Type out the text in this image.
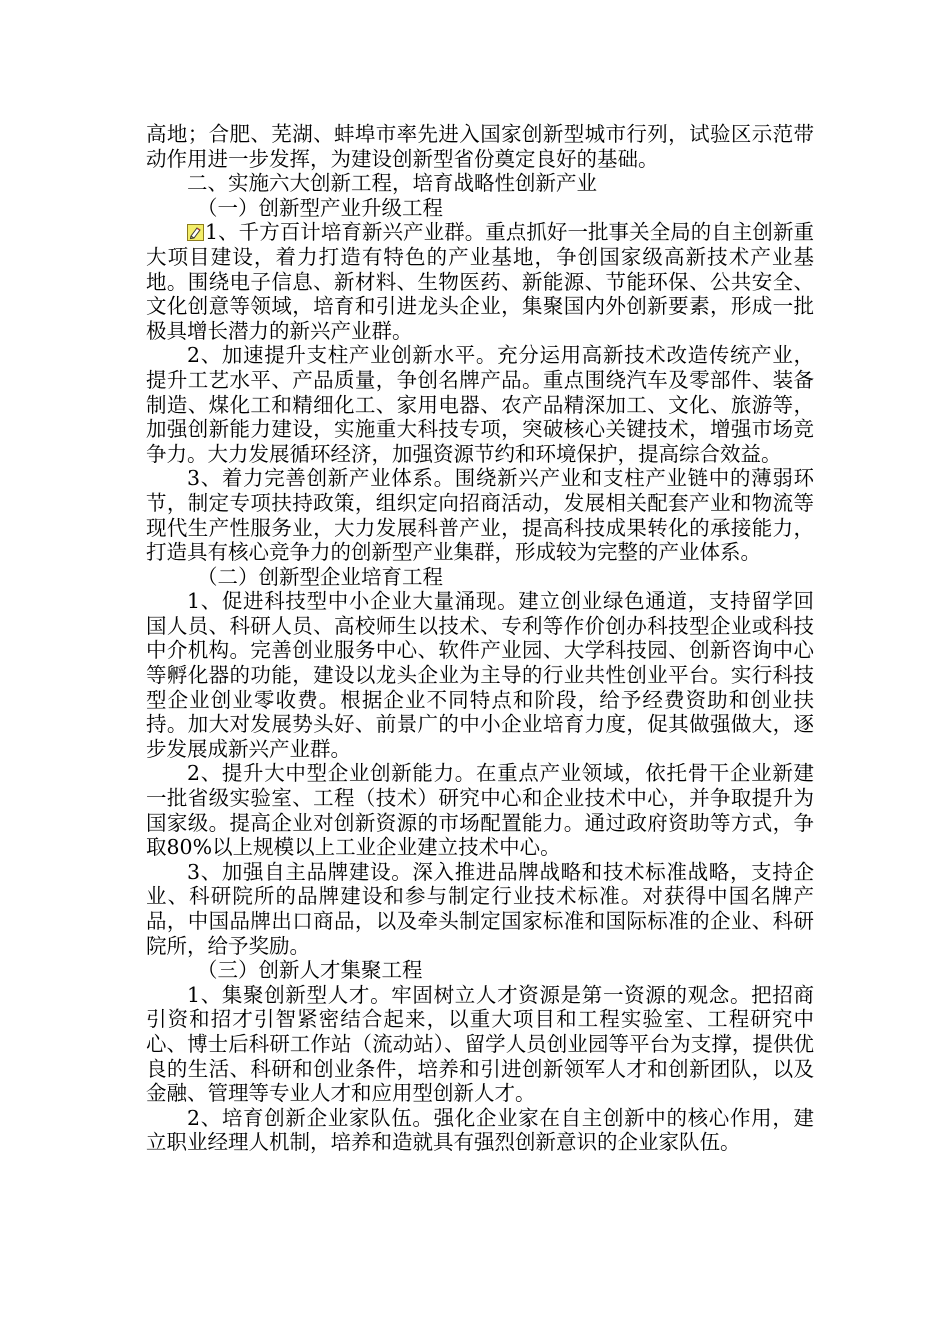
高地；合肥、芜湖、蚌埠市率先进入国家创新型城市行列，试验区示范带动作用进一步发挥，为建设创新型省份奠定良好的基础。

二、实施六大创新工程，培育战略性创新产业

（一）创新型产业升级工程

1、千方百计培育新兴产业群。重点抓好一批事关全局的自主创新重大项目建设，着力打造有特色的产业基地，争创国家级高新技术产业基地。围绕电子信息、新材料、生物医药、新能源、节能环保、公共安全、文化创意等领域，培育和引进龙头企业，集聚国内外创新要素，形成一批极具增长潜力的新兴产业群。

2、加速提升支柱产业创新水平。充分运用高新技术改造传统产业，提升工艺水平、产品质量，争创名牌产品。重点围绕汽车及零部件、装备制造、煤化工和精细化工、家用电器、农产品精深加工、文化、旅游等，加强创新能力建设，实施重大科技专项，突破核心关键技术，增强市场竞争力。大力发展循环经济，加强资源节约和环境保护，提高综合效益。

3、着力完善创新产业体系。围绕新兴产业和支柱产业链中的薄弱环节，制定专项扶持政策，组织定向招商活动，发展相关配套产业和物流等现代生产性服务业，大力发展科普产业，提高科技成果转化的承接能力，打造具有核心竞争力的创新型产业集群，形成较为完整的产业体系。

（二）创新型企业培育工程

1、促进科技型中小企业大量涌现。建立创业绿色通道，支持留学回国人员、科研人员、高校师生以技术、专利等作价创办科技型企业或科技中介机构。完善创业服务中心、软件产业园、大学科技园、创新咨询中心等孵化器的功能，建设以龙头企业为主导的行业共性创业平台。实行科技型企业创业零收费。根据企业不同特点和阶段，给予经费资助和创业扶持。加大对发展势头好、前景广的中小企业培育力度，促其做强做大，逐步发展成新兴产业群。

2、提升大中型企业创新能力。在重点产业领域，依托骨干企业新建一批省级实验室、工程（技术）研究中心和企业技术中心，并争取提升为国家级。提高企业对创新资源的市场配置能力。通过政府资助等方式，争取80%以上规模以上工业企业建立技术中心。

3、加强自主品牌建设。深入推进品牌战略和技术标准战略，支持企业、科研院所的品牌建设和参与制定行业技术标准。对获得中国名牌产品，中国品牌出口商品，以及牵头制定国家标准和国际标准的企业、科研院所，给予奖励。

（三）创新人才集聚工程

1、集聚创新型人才。牢固树立人才资源是第一资源的观念。把招商引资和招才引智紧密结合起来，以重大项目和工程实验室、工程研究中心、博士后科研工作站（流动站）、留学人员创业园等平台为支撑，提供优良的生活、科研和创业条件，培养和引进创新领军人才和创新团队，以及金融、管理等专业人才和应用型创新人才。

2、培育创新企业家队伍。强化企业家在自主创新中的核心作用，建立职业经理人机制，培养和造就具有强烈创新意识的企业家队伍。
